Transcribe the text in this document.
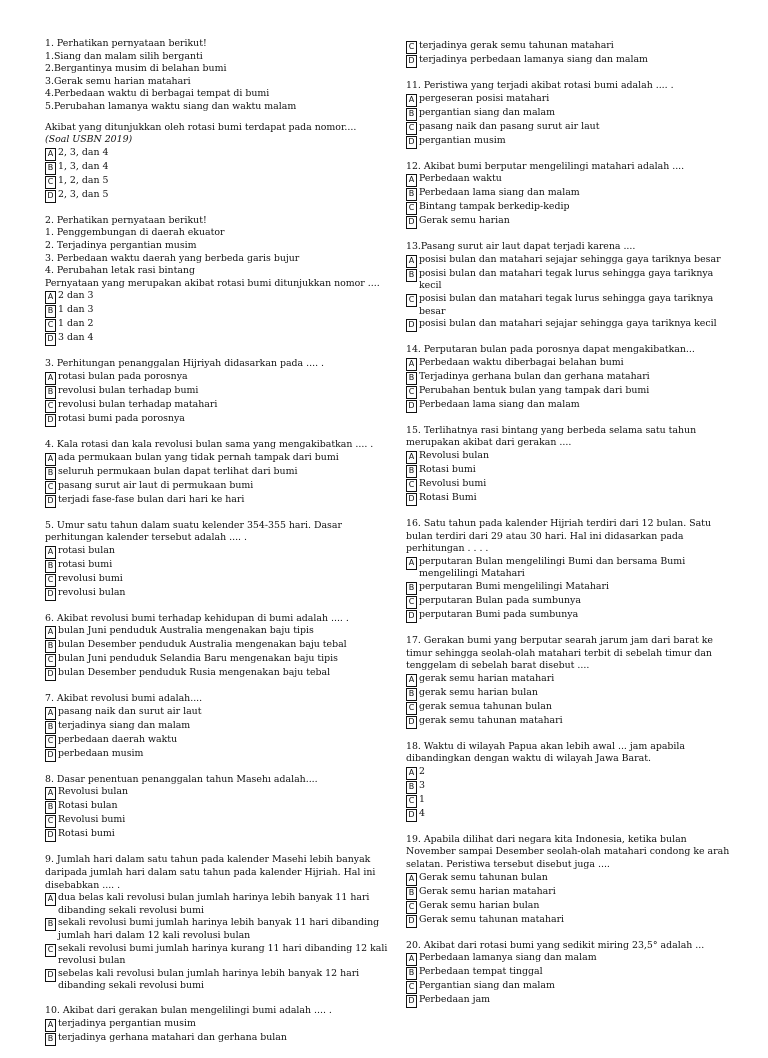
1. Perhatikan pernyataan berikut!
1.Siang dan malam silih berganti
2.Bergantinya musim di belahan bumi
3.Gerak semu harian matahari
4.Perbedaan waktu di berbagai tempat di bumi
5.Perubahan lamanya waktu siang dan waktu malam
Akibat yang ditunjukkan oleh rotasi bumi terdapat pada nomor....
(Soal USBN 2019)
A 2, 3, dan 4
B 1, 3, dan 4
C 1, 2, dan 5
D 2, 3, dan 5
2. Perhatikan pernyataan berikut!
1. Penggembungan di daerah ekuator
2. Terjadinya pergantian musim
3. Perbedaan waktu daerah yang berbeda garis bujur
4. Perubahan letak rasi bintang
Pernyataan yang merupakan akibat rotasi bumi ditunjukkan nomor ....
A 2 dan 3
B 1 dan 3
C 1 dan 2
D 3 dan 4
3. Perhitungan penanggalan Hijriyah didasarkan pada .... .
A rotasi bulan pada porosnya
B revolusi bulan terhadap bumi
C revolusi bulan terhadap matahari
D rotasi bumi pada porosnya
4. Kala rotasi dan kala revolusi bulan sama yang mengakibatkan .... .
A ada permukaan bulan yang tidak pernah tampak dari bumi
B seluruh permukaan bulan dapat terlihat dari bumi
C pasang surut air laut di permukaan bumi
D terjadi fase-fase bulan dari hari ke hari
5. Umur satu tahun dalam suatu kelender 354-355 hari. Dasar perhitungan kalender tersebut adalah .... .
A rotasi bulan
B rotasi bumi
C revolusi bumi
D revolusi bulan
6. Akibat revolusi bumi terhadap kehidupan di bumi adalah .... .
A bulan Juni penduduk Australia mengenakan baju tipis
B bulan Desember penduduk Australia mengenakan baju tebal
C bulan Juni penduduk Selandia Baru mengenakan baju tipis
D bulan Desember penduduk Rusia mengenakan baju tebal
7. Akibat revolusi bumi adalah....
A pasang naik dan surut air laut
B terjadinya siang dan malam
C perbedaan daerah waktu
D perbedaan musim
8. Dasar penentuan penanggalan tahun Masehı adalah....
A Revolusi bulan
B Rotasi bulan
C Revolusi bumi
D Rotasi bumi
9. Jumlah hari dalam satu tahun pada kalender Masehi lebih banyak daripada jumlah hari dalam satu tahun pada kalender Hijriah. Hal ini disebabkan .... .
A dua belas kali revolusi bulan jumlah harinya lebih banyak 11 hari dibanding sekali revolusi bumi
B sekali revolusi bumi jumlah harinya lebih banyak 11 hari dibanding jumlah hari dalam 12 kali revolusi bulan
C sekali revolusi bumi jumlah harinya kurang 11 hari dibanding 12 kali revolusi bulan
D sebelas kali revolusi bulan jumlah harinya lebih banyak 12 hari dibanding sekali revolusi bumi
10. Akibat dari gerakan bulan mengelilingi bumi adalah .... .
A terjadinya pergantian musim
B terjadinya gerhana matahari dan gerhana bulan
C terjadinya gerak semu tahunan matahari
D terjadinya perbedaan lamanya siang dan malam
11. Peristiwa yang terjadi akibat rotasi bumi adalah .... .
A pergeseran posisi matahari
B pergantian siang dan malam
C pasang naik dan pasang surut air laut
D pergantian musim
12. Akibat bumi berputar mengelilingi matahari adalah ....
A Perbedaan waktu
B Perbedaan lama siang dan malam
C Bintang tampak berkedip-kedip
D Gerak semu harian
13.Pasang surut air laut dapat terjadi karena ....
A posisi bulan dan matahari sejajar sehingga gaya tariknya besar
B posisi bulan dan matahari tegak lurus sehingga gaya tariknya kecil
C posisi bulan dan matahari tegak lurus sehingga gaya tariknya besar
D posisi bulan dan matahari sejajar sehingga gaya tariknya kecil
14. Perputaran bulan pada porosnya dapat mengakibatkan...
A Perbedaan waktu diberbagai belahan bumi
B Terjadinya gerhana bulan dan gerhana matahari
C Perubahan bentuk bulan yang tampak dari bumi
D Perbedaan lama siang dan malam
15. Terlihatnya rasi bintang yang berbeda selama satu tahun merupakan akibat dari gerakan ....
A Revolusi bulan
B Rotasi bumi
C Revolusi bumi
D Rotasi Bumi
16. Satu tahun pada kalender Hijriah terdiri dari 12 bulan. Satu bulan terdiri dari 29 atau 30 hari. Hal ini didasarkan pada perhitungan . . . .
A perputaran Bulan mengelilingi Bumi dan bersama Bumi mengelilingi Matahari
B perputaran Bumi mengelilingi Matahari
C perputaran Bulan pada sumbunya
D perputaran Bumi pada sumbunya
17. Gerakan bumi yang berputar searah jarum jam dari barat ke timur sehingga seolah-olah matahari terbit di sebelah timur dan tenggelam di sebelah barat disebut ....
A gerak semu harian matahari
B gerak semu harian bulan
C gerak semua tahunan bulan
D gerak semu tahunan matahari
18. Waktu di wilayah Papua akan lebih awal ... jam apabila dibandingkan dengan waktu di wilayah Jawa Barat.
A 2
B 3
C 1
D 4
19. Apabila dilihat dari negara kita Indonesia, ketika bulan November sampai Desember seolah-olah matahari condong ke arah selatan. Peristiwa tersebut disebut juga ....
A Gerak semu tahunan bulan
B Gerak semu harian matahari
C Gerak semu harian bulan
D Gerak semu tahunan matahari
20. Akibat dari rotasi bumi yang sedikit miring 23,5° adalah ...
A Perbedaan lamanya siang dan malam
B Perbedaan tempat tinggal
C Pergantian siang dan malam
D Perbedaan jam
